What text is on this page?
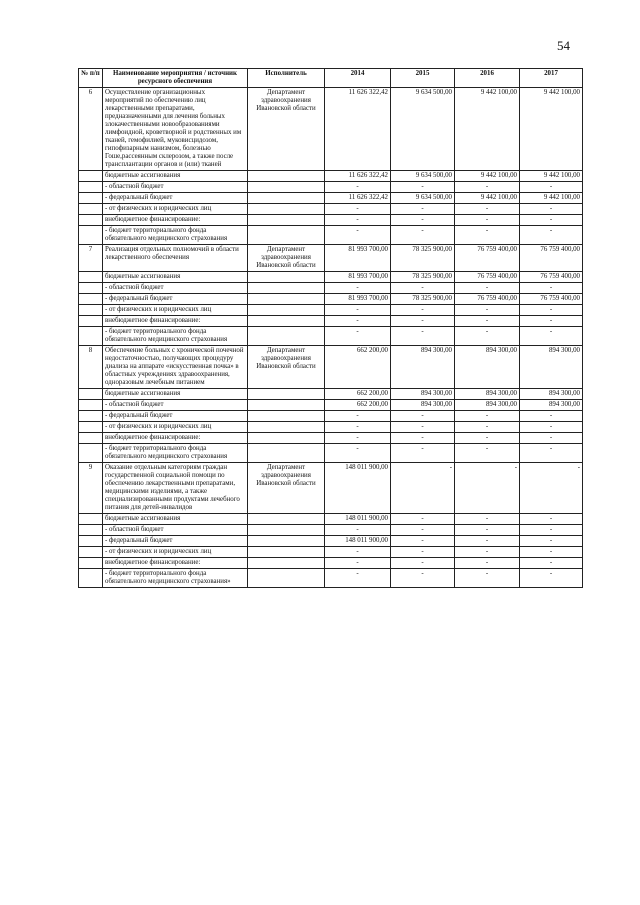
54
№ п/п	Наименование мероприятия / источник ресурсного обеспечения	Исполнитель	2014	2015	2016	2017
6	Осуществление организационных мероприятий по обеспечению лиц лекарственными препаратами, предназначенными для лечения больных злокачественными новообразованиями лимфоидной, кроветворной и родственных им тканей, гемофилией, муковисцидозом, гипофизарным нанизмом, болезнью Гоше,рассеянным склерозом, а также после трансплантации органов и (или) тканей	Департамент здравоохранения Ивановской области	11 626 322,42	9 634 500,00	9 442 100,00	9 442 100,00
	бюджетные ассигнования		11 626 322,42	9 634 500,00	9 442 100,00	9 442 100,00
	- областной бюджет		-	-	-	-
	- федеральный бюджет		11 626 322,42	9 634 500,00	9 442 100,00	9 442 100,00
	- от физических и юридических лиц		-	-	-	-
	внебюджетное финансирование:		-	-	-	-
	- бюджет территориального фонда обязательного медицинского страхования		-	-	-	-
7	Реализация отдельных полномочий в области лекарственного обеспечения	Департамент здравоохранения Ивановской области	81 993 700,00	78 325 900,00	76 759 400,00	76 759 400,00
	бюджетные ассигнования		81 993 700,00	78 325 900,00	76 759 400,00	76 759 400,00
	- областной бюджет		-	-	-	-
	- федеральный бюджет		81 993 700,00	78 325 900,00	76 759 400,00	76 759 400,00
	- от физических и юридических лиц		-	-	-	-
	внебюджетное финансирование:		-	-	-	-
	- бюджет территориального фонда обязательного медицинского страхования		-	-	-	-
8	Обеспечение больных с хронической почечной недостаточностью, получающих процедуру диализа на аппарате «искусственная почка» в областных учреждениях здравоохранения, одноразовым лечебным питанием	Департамент здравоохранения Ивановской области	662 200,00	894 300,00	894 300,00	894 300,00
	бюджетные ассигнования		662 200,00	894 300,00	894 300,00	894 300,00
	- областной бюджет		662 200,00	894 300,00	894 300,00	894 300,00
	- федеральный бюджет		-	-	-	-
	- от физических и юридических лиц		-	-	-	-
	внебюджетное финансирование:		-	-	-	-
	- бюджет территориального фонда обязательного медицинского страхования		-	-	-	-
9	Оказание отдельным категориям граждан государственной социальной помощи по обеспечению лекарственными препаратами, медицинскими изделиями, а также специализированными продуктами лечебного питания для детей-инвалидов	Департамент здравоохранения Ивановской области	148 011 900,00	-	-	-
	бюджетные ассигнования		148 011 900,00	-	-	-
	- областной бюджет		-	-	-	-
	- федеральный бюджет		148 011 900,00	-	-	-
	- от физических и юридических лиц		-	-	-	-
	внебюджетное финансирование:		-	-	-	-
	- бюджет территориального фонда обязательного медицинского страхования»		-	-	-	-
